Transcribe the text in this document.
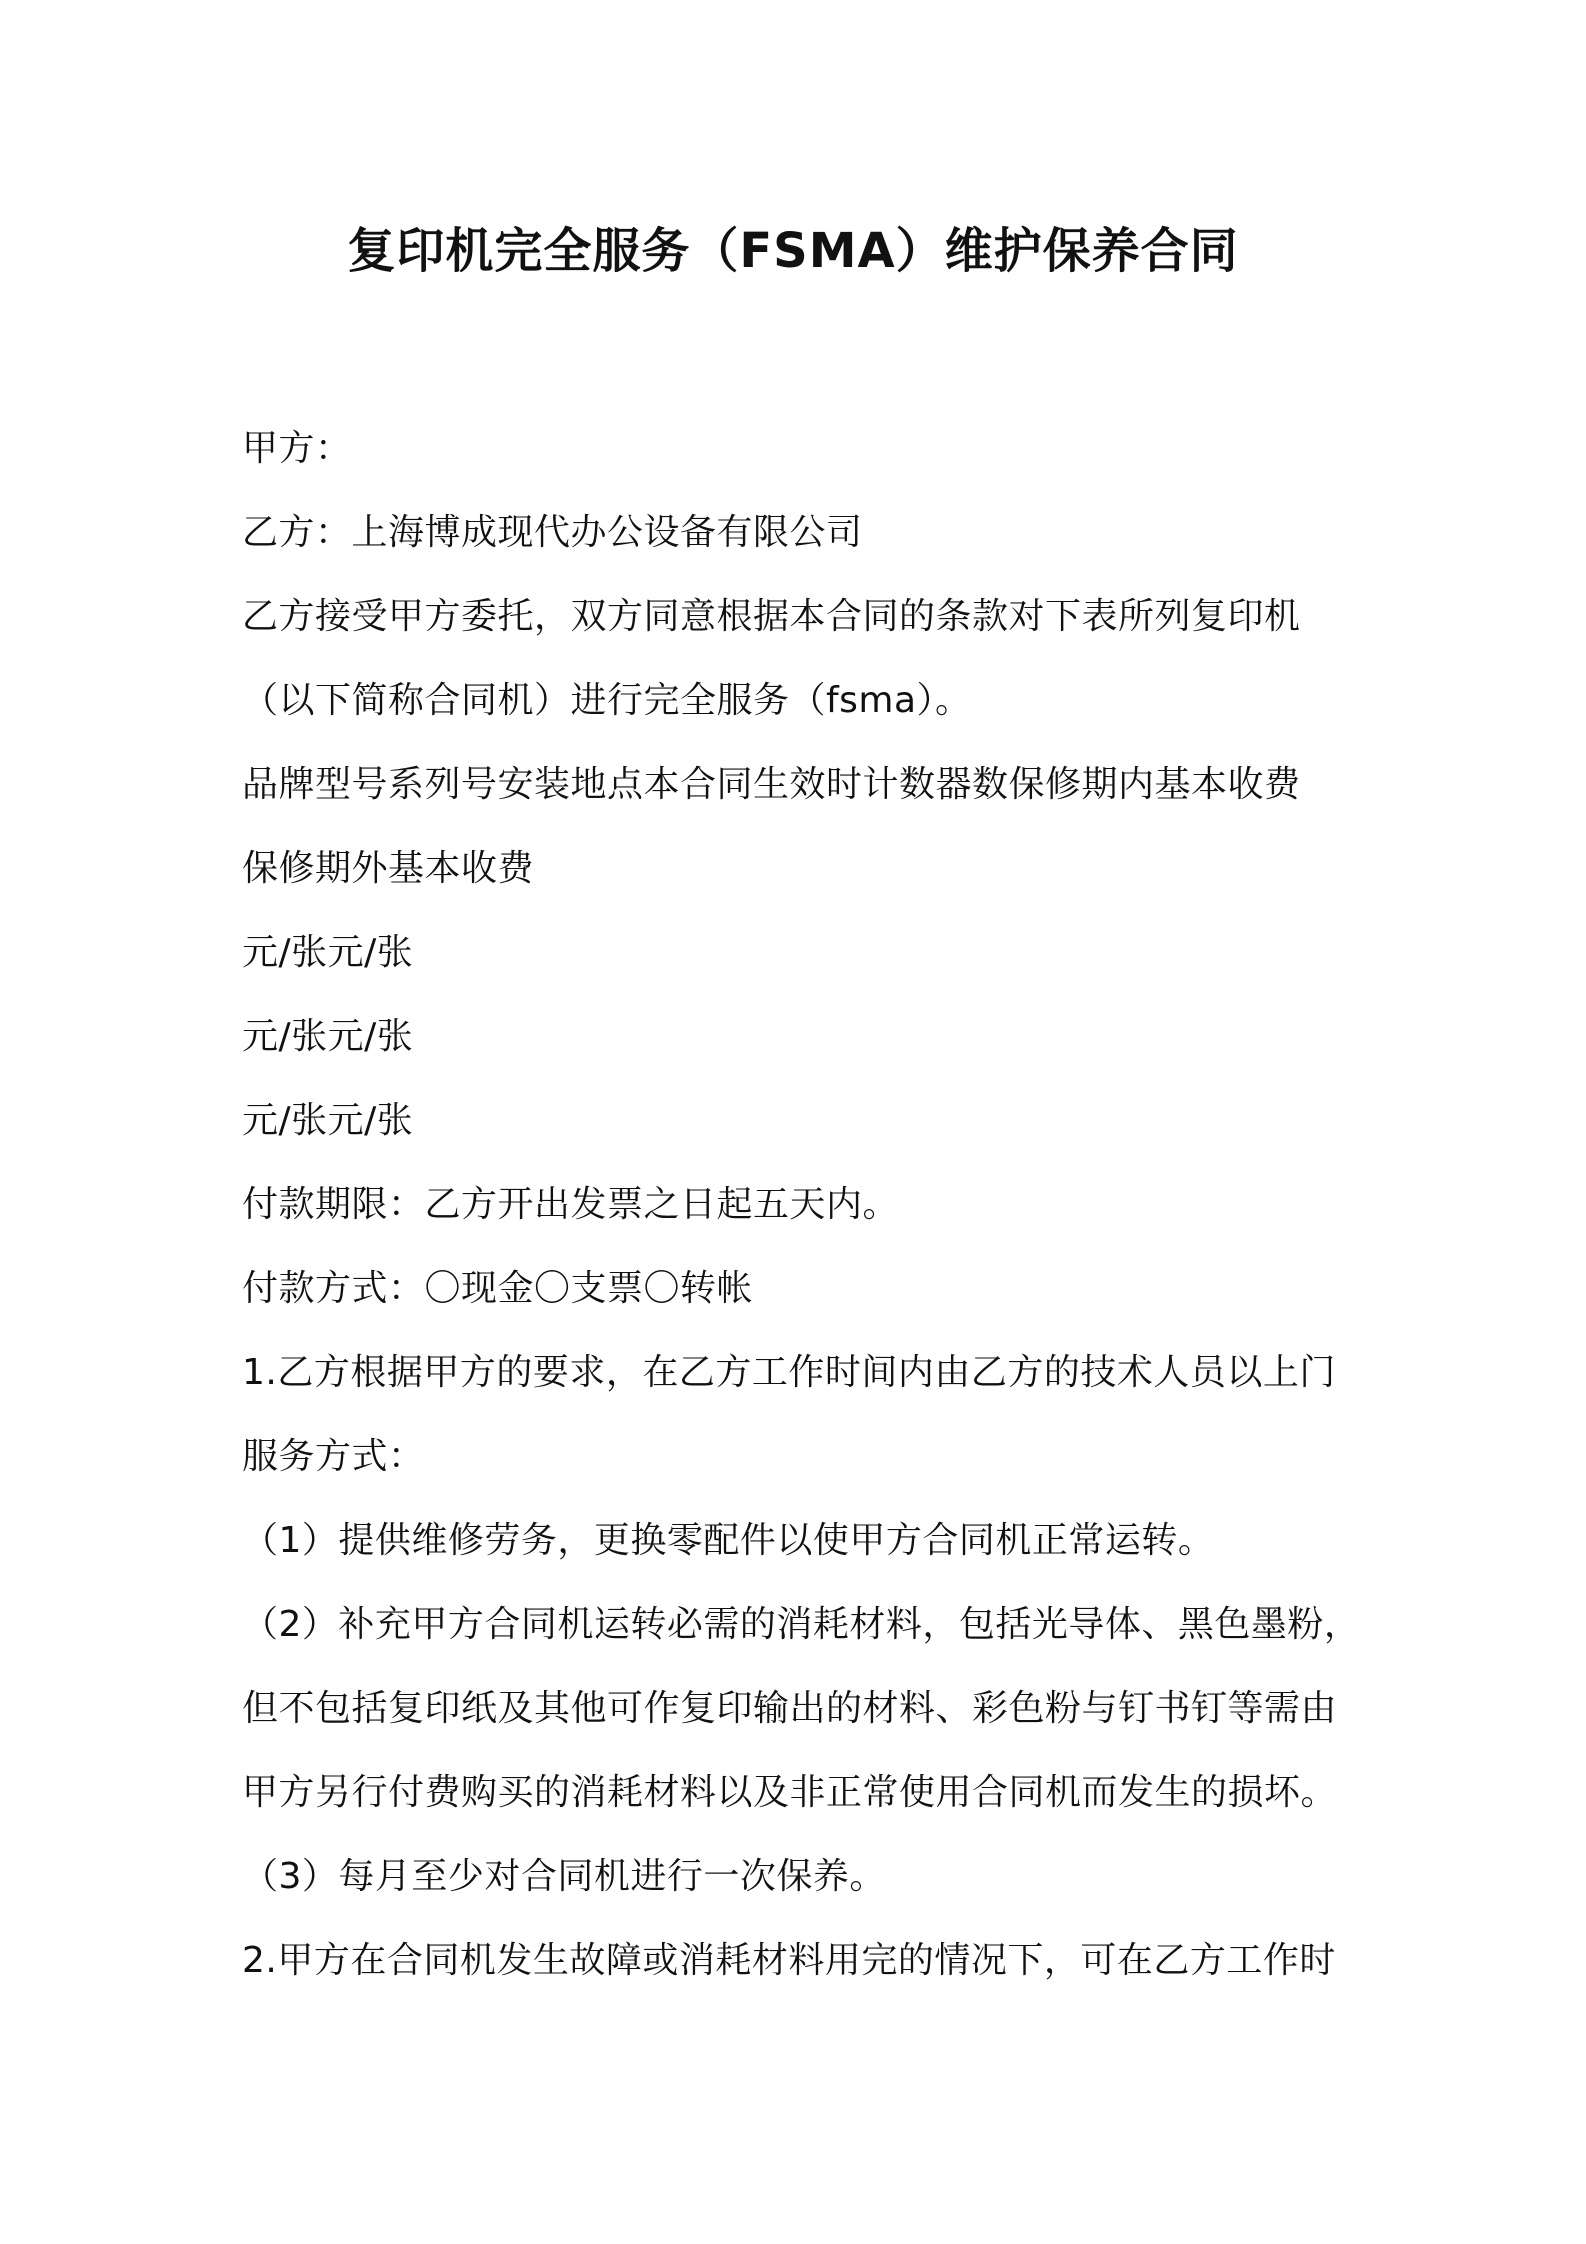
复印机完全服务（FSMA）维护保养合同
甲方：
乙方：上海博成现代办公设备有限公司
乙方接受甲方委托，双方同意根据本合同的条款对下表所列复印机
（以下简称合同机）进行完全服务（fsma）。
品牌型号系列号安装地点本合同生效时计数器数保修期内基本收费
保修期外基本收费
元/张元/张
元/张元/张
元/张元/张
付款期限：乙方开出发票之日起五天内。
付款方式：〇现金〇支票〇转帐
1.乙方根据甲方的要求，在乙方工作时间内由乙方的技术人员以上门
服务方式：
（1）提供维修劳务，更换零配件以使甲方合同机正常运转。
（2）补充甲方合同机运转必需的消耗材料，包括光导体、黑色墨粉，
但不包括复印纸及其他可作复印输出的材料、彩色粉与钉书钉等需由
甲方另行付费购买的消耗材料以及非正常使用合同机而发生的损坏。
（3）每月至少对合同机进行一次保养。
2.甲方在合同机发生故障或消耗材料用完的情况下，可在乙方工作时
